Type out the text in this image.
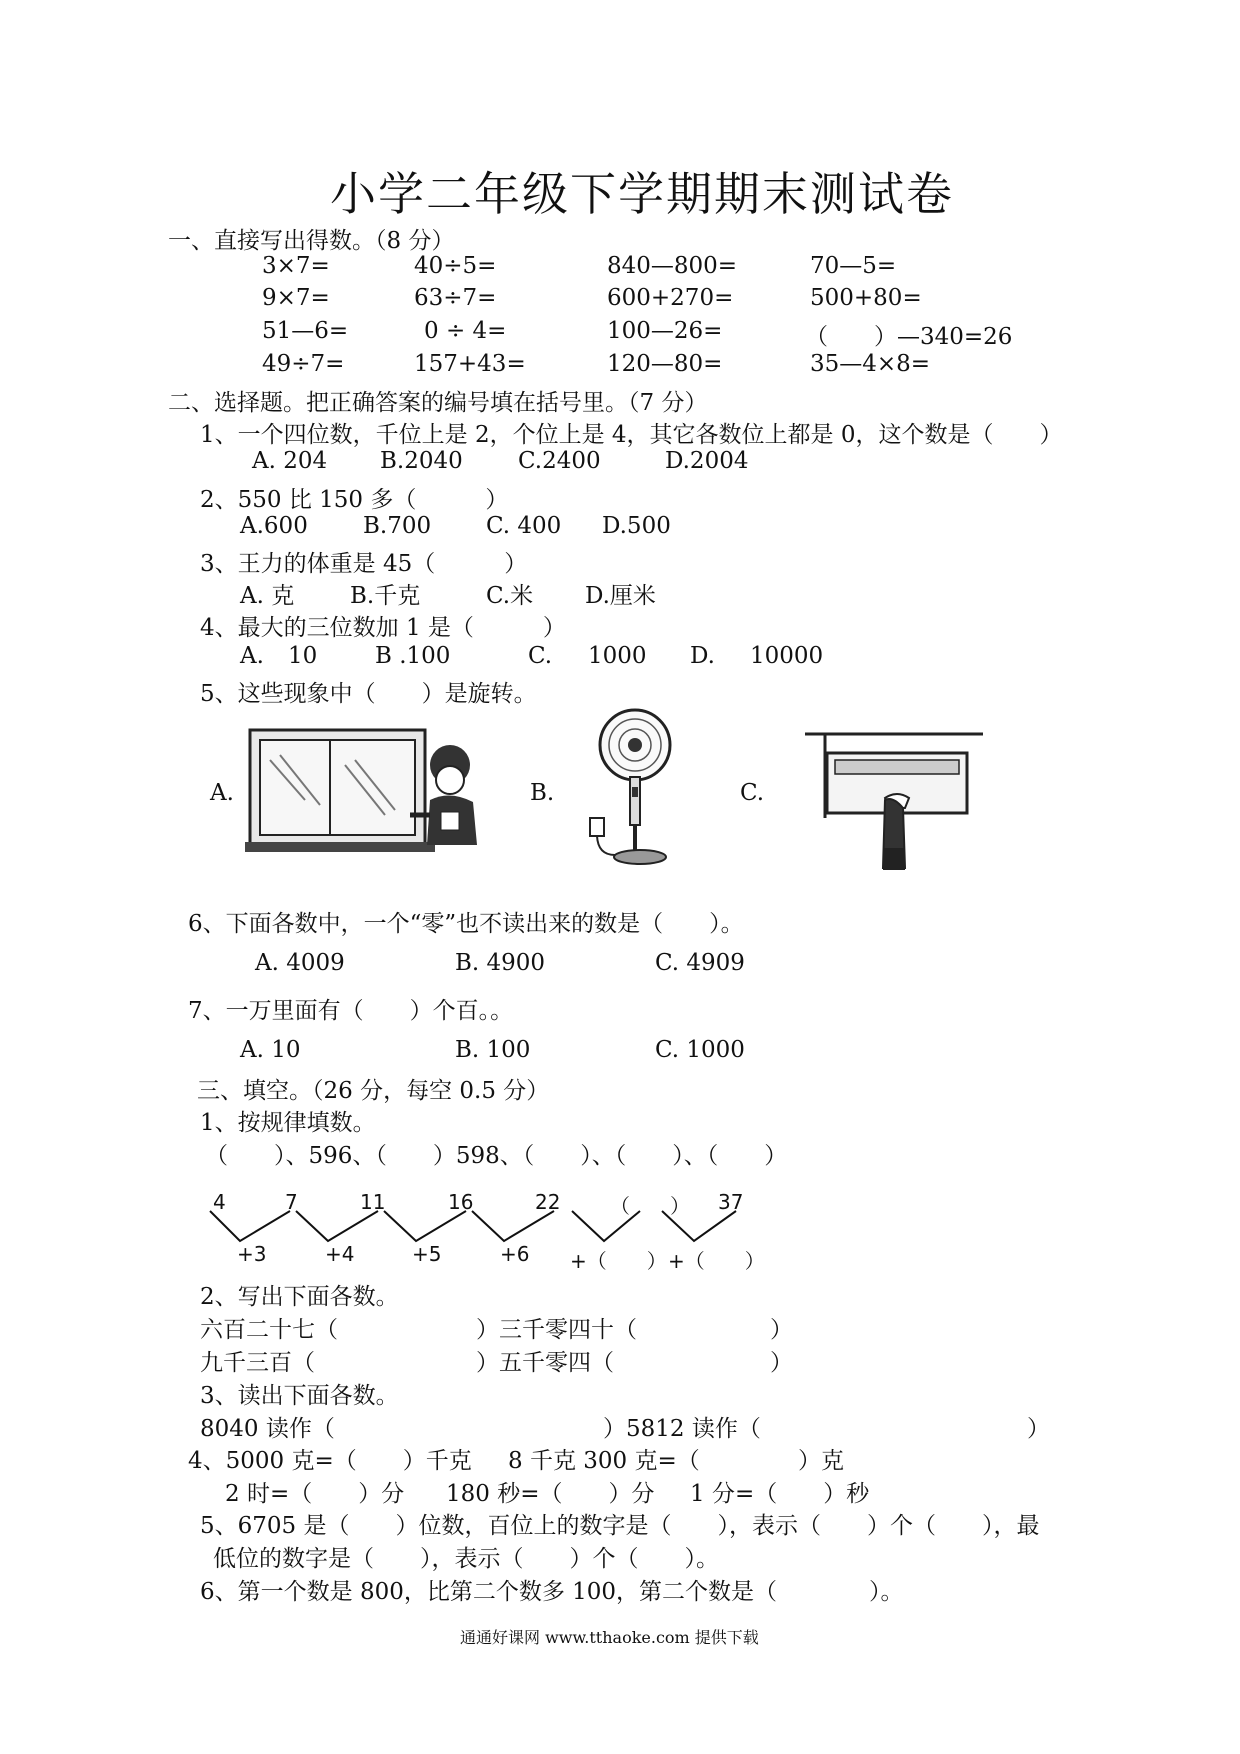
小学二年级下学期期末测试卷
一、直接写出得数。（8 分）
3×7=	40÷5=	840—800=	70—5=
9×7=	63÷7=	600+270=	500+80=
51—6=	0 ÷ 4=	100—26=	（　　）—340=26
49÷7=	157+43=	120—80=	35—4×8=
二、选择题。把正确答案的编号填在括号里。（7 分）
1、一个四位数，千位上是 2，个位上是 4，其它各数位上都是 0，这个数是（　　）
A. 204 B.2040 C.2400	D.2004
2、550 比 150 多（　　　）
A.600 B.700 C. 400 D.500
3、王力的体重是 45（　　　）
A. 克 B.千克	C.米 D.厘米
4、最大的三位数加 1 是（　　　）
A. 10	B .100	C. 1000 D. 10000
5、这些现象中（　　）是旋转。
A.	B.	C.
6、下面各数中，一个“零”也不读出来的数是（　　）。
A. 4009	B. 4900	C. 4909
7、一万里面有（　　）个百。。
A. 10	B. 100	C. 1000
三、填空。（26 分，每空 0.5 分）
1、按规律填数。
（　　）、596、（　　）598、（　　）、（　　）、（　　）
4	7	11	16	22 （　　） 37
+3	+4	+5	+6 +（　　） +（　　）
2、写出下面各数。
六百二十七（	）三千零四十（	）
九千三百（	）五千零四（	）
3、读出下面各数。
8040 读作（	）5812 读作（	）
4、5000 克=（　　）千克 8 千克 300 克=（	）克
2 时=（　　）分 180 秒=（　　）分 1 分=（　　）秒
5、6705 是（　　）位数，百位上的数字是（　　），表示（　　）个（　　），最
低位的数字是（　　），表示（　　）个（　　）。
6、第一个数是 800，比第二个数多 100，第二个数是（　　　　）。
通通好课网 www.tthaoke.com 提供下载
